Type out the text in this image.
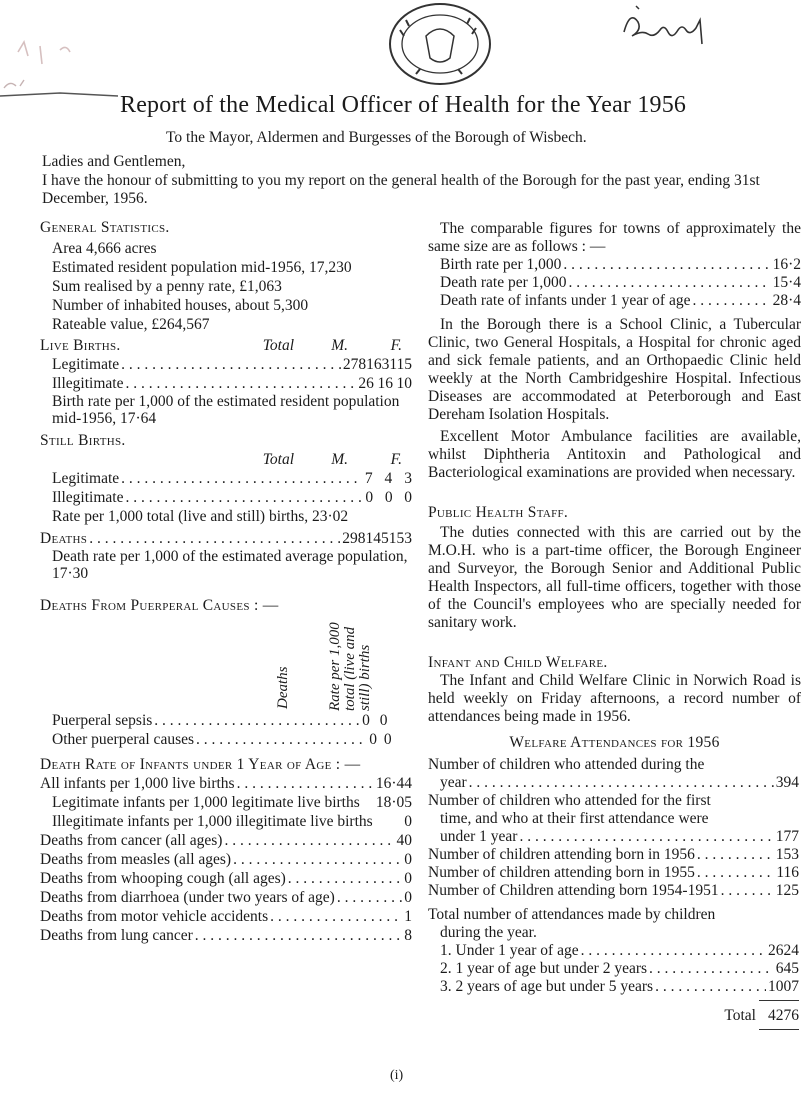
Report of the Medical Officer of Health for the Year 1956
To the Mayor, Aldermen and Burgesses of the Borough of Wisbech.
Ladies and Gentlemen,
I have the honour of submitting to you my report on the general health of the Borough for the past year, ending 31st December, 1956.
General Statistics.
Area 4,666 acres
Estimated resident population mid-1956, 17,230
Sum realised by a penny rate, £1,063
Number of inhabited houses, about 5,300
Rateable value, £264,567
Live Births.	Total	M.	F.
Legitimate . . .	278 163 115
Illegitimate . . .	26 16 10
Birth rate per 1,000 of the estimated resident population mid-1956, 17·64
Still Births.
Total	M.	F.
Legitimate . . .	7 4 3
Illegitimate . . .	0 0 0
Rate per 1,000 total (live and still) births, 23·02
Deaths . . .	298 145 153
Death rate per 1,000 of the estimated average population, 17·30
Deaths From Puerperal Causes : —
Deaths Rate per 1,000 total (live and still) births
Puerperal sepsis . . .	0 0
Other puerperal causes . . .	0 0
Death Rate of Infants under 1 Year of Age : —
All infants per 1,000 live births . . .	16·44
Legitimate infants per 1,000 legitimate live births	18·05
Illegitimate infants per 1,000 illegitimate live births	0
Deaths from cancer (all ages) . . .	40
Deaths from measles (all ages) . . .	0
Deaths from whooping cough (all ages) . . .	0
Deaths from diarrhoea (under two years of age) . . .	0
Deaths from motor vehicle accidents . . .	1
Deaths from lung cancer . . .	8
The comparable figures for towns of approximately the same size are as follows : —
Birth rate per 1,000 . . .	16·2
Death rate per 1,000 . . .	15·4
Death rate of infants under 1 year of age . . .	28·4

In the Borough there is a School Clinic, a Tubercular Clinic, two General Hospitals, a Hospital for chronic aged and sick female patients, and an Orthopaedic Clinic held weekly at the North Cambridgeshire Hospital. Infectious Diseases are accommodated at Peterborough and East Dereham Isolation Hospitals.

Excellent Motor Ambulance facilities are available, whilst Diphtheria Antitoxin and Pathological and Bacteriological examinations are provided when necessary.

Public Health Staff.

The duties connected with this are carried out by the M.O.H. who is a part-time officer, the Borough Engineer and Surveyor, the Borough Senior and Additional Public Health Inspectors, all full-time officers, together with those of the Council's employees who are specially needed for sanitary work.

Infant and Child Welfare.

The Infant and Child Welfare Clinic in Norwich Road is held weekly on Friday afternoons, a record number of attendances being made in 1956.

Welfare Attendances for 1956
Number of children who attended during the
year . . .	394
Number of children who attended for the first
time, and who at their first attendance were
under 1 year . . .	177
Number of children attending born in 1956 . . .	153
Number of children attending born in 1955 . . .	116
Number of Children attending born 1954-1951 . . .	125
Total number of attendances made by children during the year.
1. Under 1 year of age . . .	2624
2. 1 year of age but under 2 years . . .	645
3. 2 years of age but under 5 years . . .	1007
Total 4276
(i)
